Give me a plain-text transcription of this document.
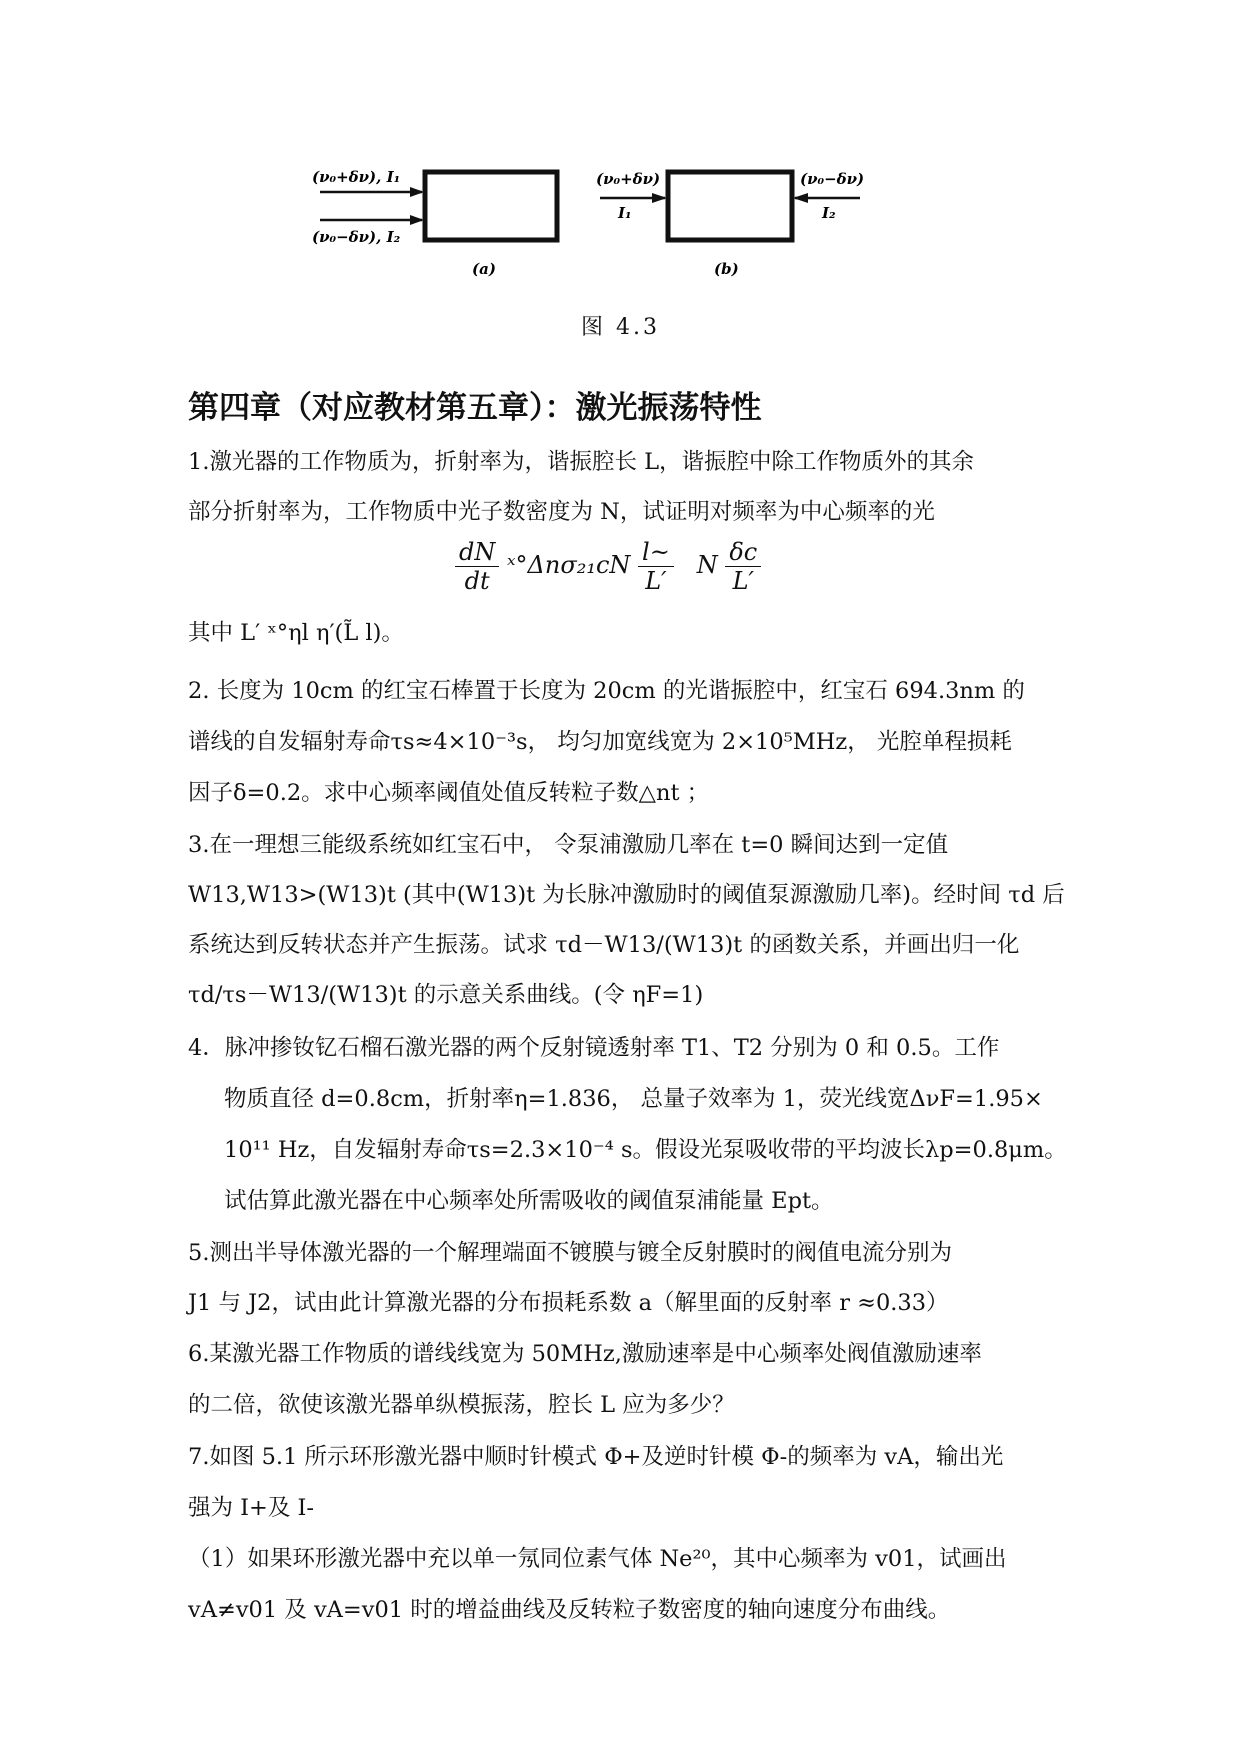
(ν₀+δν), I₁
(ν₀−δν), I₂
(a)
(ν₀+δν)
I₁
(ν₀−δν)
I₂
(b)
图 4.3
第四章（对应教材第五章）：激光振荡特性
1.激光器的工作物质为，折射率为，谐振腔长 L，谐振腔中除工作物质外的其余
部分折射率为，工作物质中光子数密度为 N，试证明对频率为中心频率的光
$\frac{dN}{dt}$ ˣ°Δnσ₂₁cN $\frac{l\sim}{L'}$ N $\frac{\delta c}{L'}$
其中 L′ ˣ°ηl η′(L̃ l)。
2. 长度为 10cm 的红宝石棒置于长度为 20cm 的光谐振腔中，红宝石 694.3nm 的
谱线的自发辐射寿命τs≈4×10⁻³s， 均匀加宽线宽为 2×10⁵MHz， 光腔单程损耗
因子δ=0.2。求中心频率阈值处值反转粒子数△nt ；
3.在一理想三能级系统如红宝石中， 令泵浦激励几率在 t=0 瞬间达到一定值
W13,W13>(W13)t (其中(W13)t 为长脉冲激励时的阈值泵源激励几率)。经时间 τd 后
系统达到反转状态并产生振荡。试求 τd－W13/(W13)t 的函数关系，并画出归一化
τd/τs－W13/(W13)t 的示意关系曲线。(令 ηF=1)
4．脉冲掺钕钇石榴石激光器的两个反射镜透射率 T1、T2 分别为 0 和 0.5。工作
物质直径 d=0.8cm，折射率η=1.836， 总量子效率为 1，荧光线宽ΔνF=1.95×
10¹¹ Hz，自发辐射寿命τs=2.3×10⁻⁴ s。假设光泵吸收带的平均波长λp=0.8μm。
试估算此激光器在中心频率处所需吸收的阈值泵浦能量 Ept。
5.测出半导体激光器的一个解理端面不镀膜与镀全反射膜时的阀值电流分别为
J1 与 J2，试由此计算激光器的分布损耗系数 a（解里面的反射率 r ≈0.33）
6.某激光器工作物质的谱线线宽为 50MHz,激励速率是中心频率处阀值激励速率
的二倍，欲使该激光器单纵模振荡，腔长 L 应为多少？
7.如图 5.1 所示环形激光器中顺时针模式 Φ+及逆时针模 Φ-的频率为 vA，输出光
强为 I+及 I-
（1）如果环形激光器中充以单一氖同位素气体 Ne²⁰，其中心频率为 v01，试画出
vA≠v01 及 vA=v01 时的增益曲线及反转粒子数密度的轴向速度分布曲线。
